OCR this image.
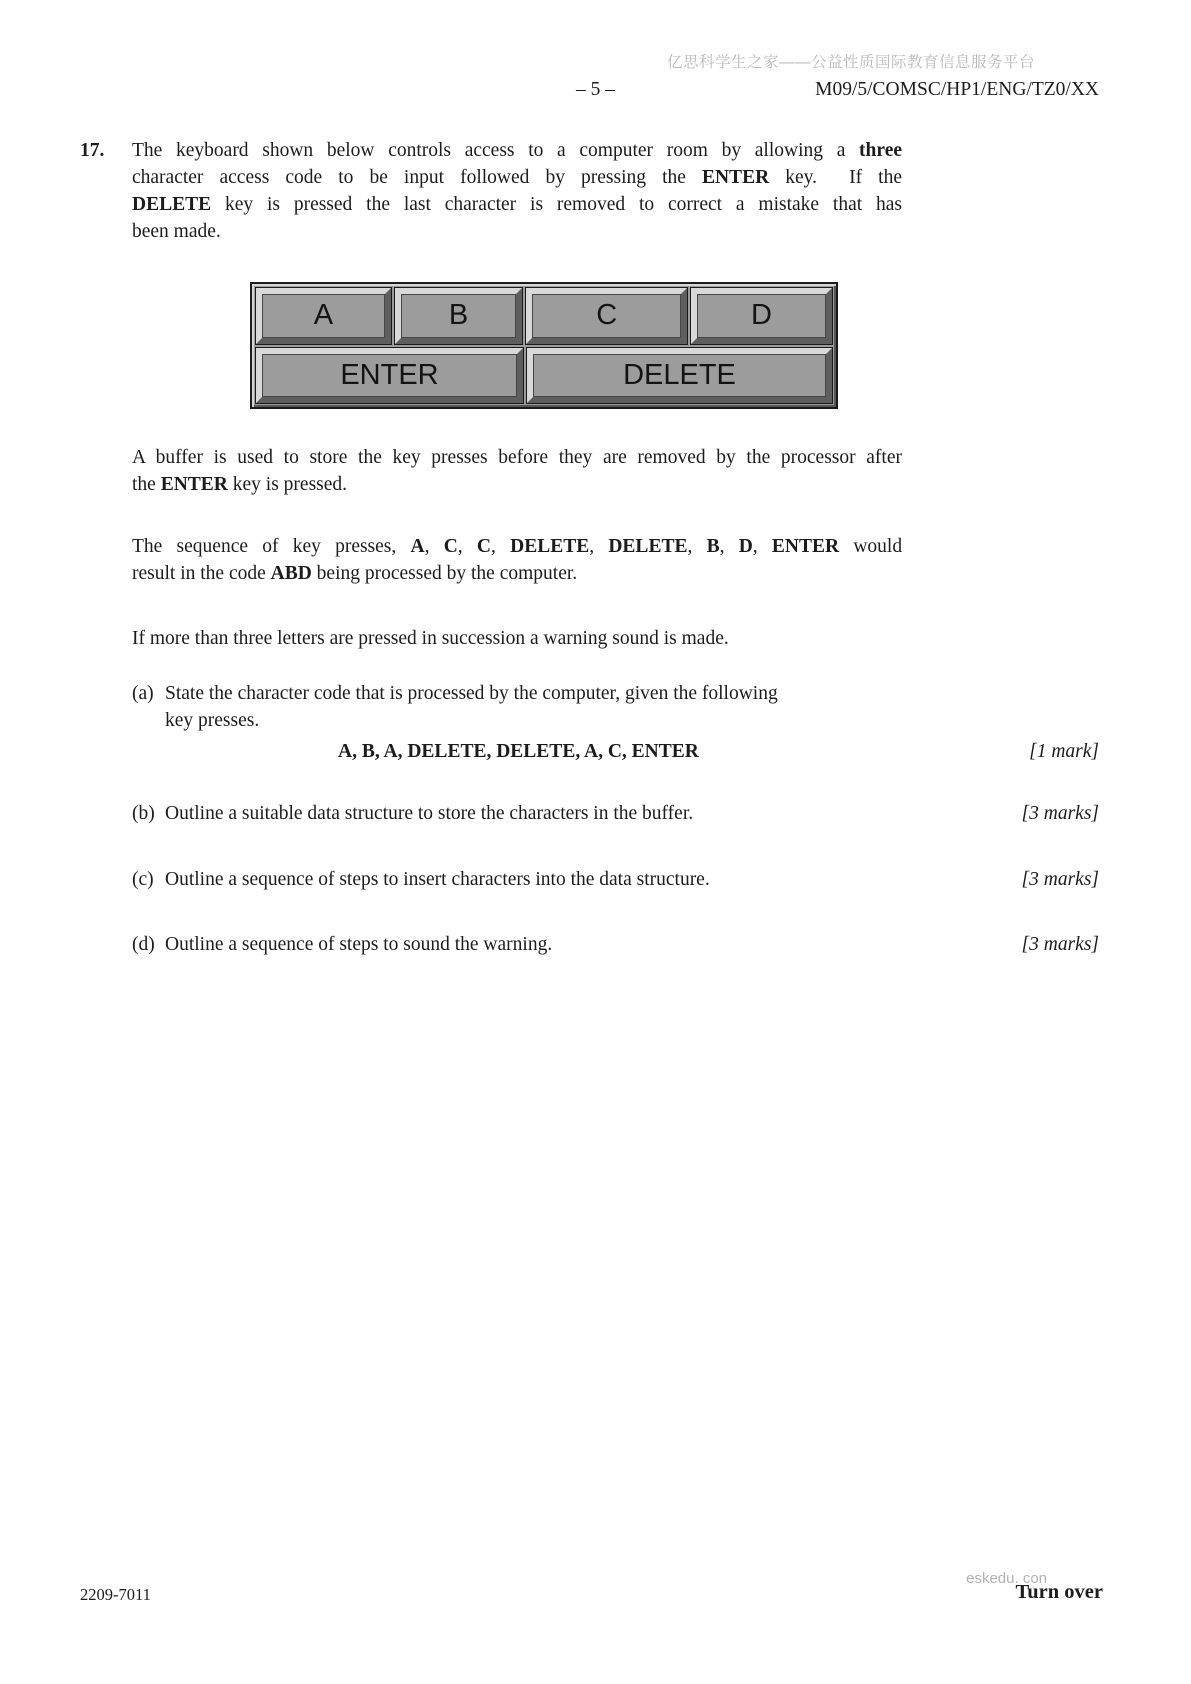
亿思科学生之家——公益性质国际教育信息服务平台
– 5 –	M09/5/COMSC/HP1/ENG/TZ0/XX
17. The keyboard shown below controls access to a computer room by allowing a three
character access code to be input followed by pressing the ENTER key.  If the
DELETE key is pressed the last character is removed to correct a mistake that has
been made.
A	B	C	D
ENTER	DELETE
A buffer is used to store the key presses before they are removed by the processor after
the ENTER key is pressed.
The sequence of key presses, A, C, C, DELETE, DELETE, B, D, ENTER would
result in the code ABD being processed by the computer.
If more than three letters are pressed in succession a warning sound is made.
(a) State the character code that is processed by the computer, given the following
key presses.
A, B, A, DELETE, DELETE, A, C, ENTER	[1 mark]
(b) Outline a suitable data structure to store the characters in the buffer.	[3 marks]
(c) Outline a sequence of steps to insert characters into the data structure.	[3 marks]
(d) Outline a sequence of steps to sound the warning.	[3 marks]
2209-7011
eskedu. con
Turn over
